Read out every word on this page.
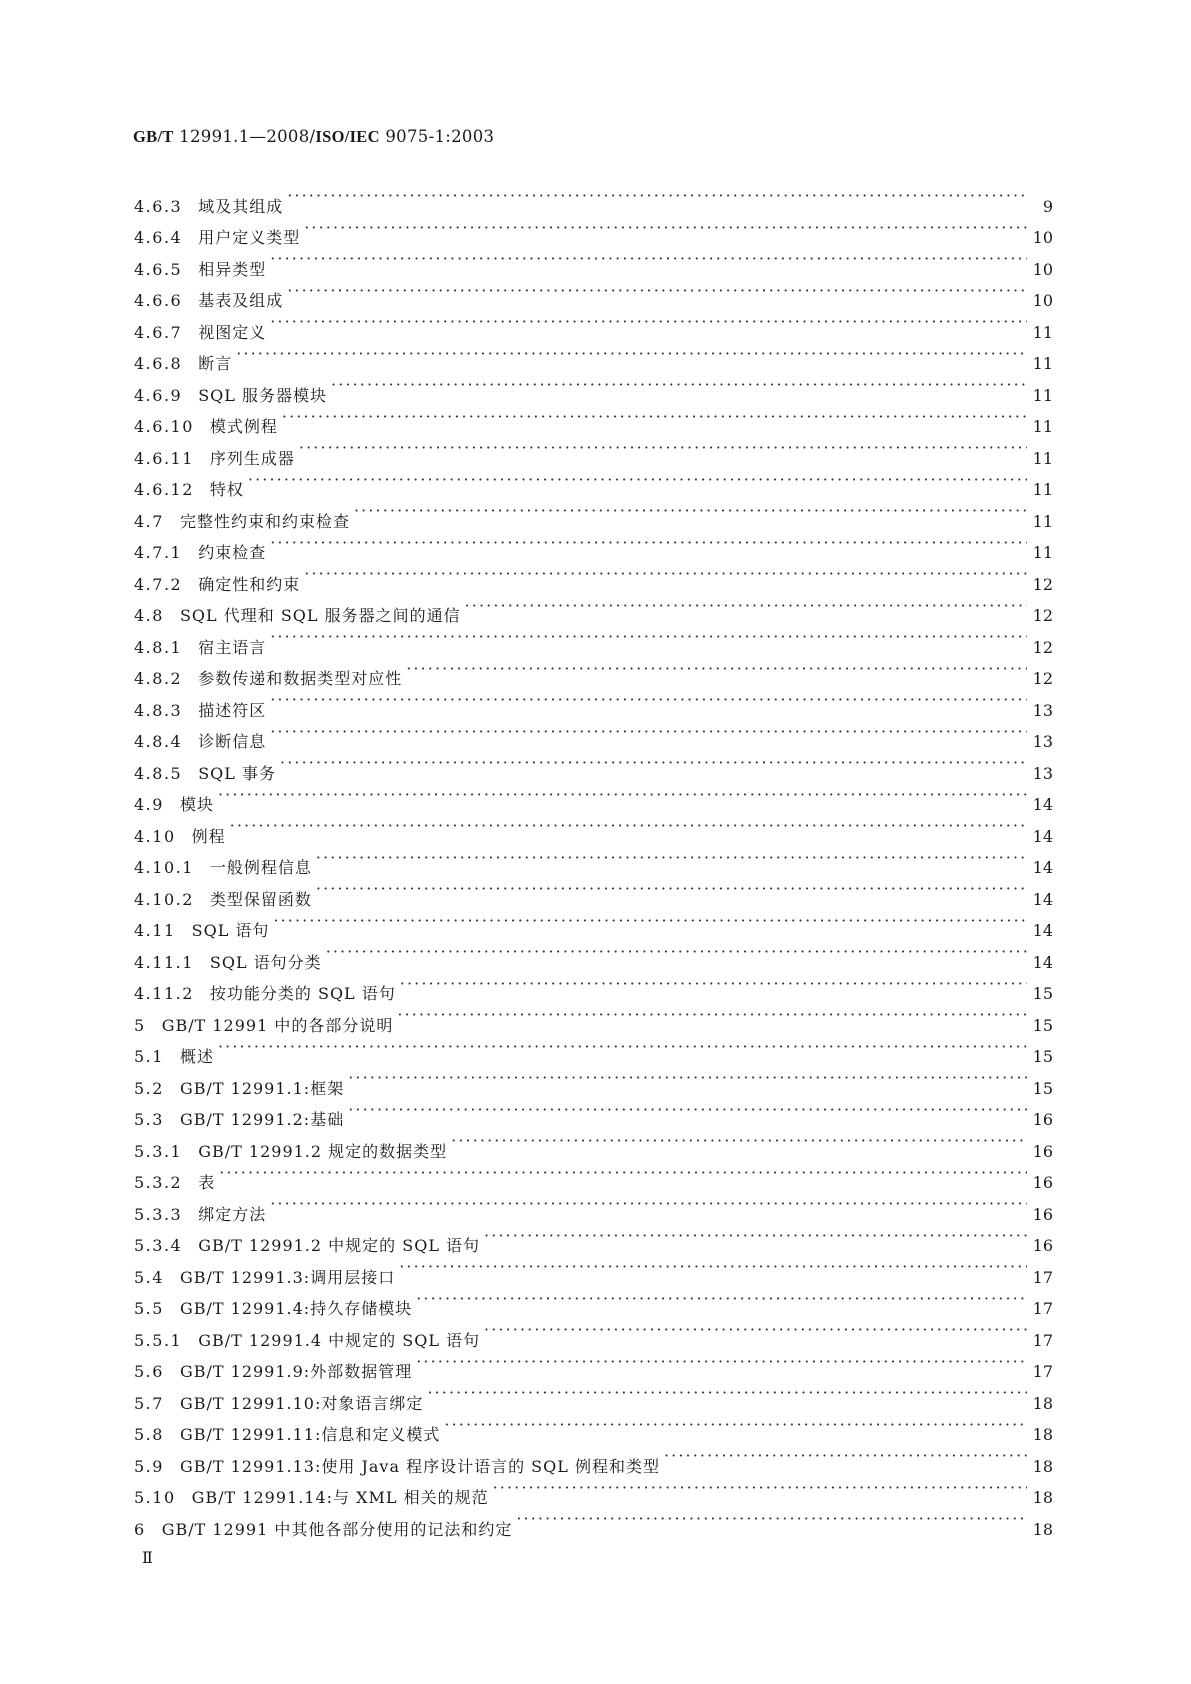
GB/T 12991.1—2008/ISO/IEC 9075-1:2003
4.6.3	域及其组成 ·····	9
4.6.4	用户定义类型 ·····	10
4.6.5	相异类型 ·····	10
4.6.6	基表及组成 ·····	10
4.6.7	视图定义 ·····	11
4.6.8	断言 ·····	11
4.6.9	SQL 服务器模块 ·····	11
4.6.10	模式例程 ·····	11
4.6.11	序列生成器 ·····	11
4.6.12	特权 ·····	11
4.7	完整性约束和约束检查 ·····	11
4.7.1	约束检查 ·····	11
4.7.2	确定性和约束 ·····	12
4.8	SQL 代理和 SQL 服务器之间的通信 ·····	12
4.8.1	宿主语言 ·····	12
4.8.2	参数传递和数据类型对应性 ·····	12
4.8.3	描述符区 ·····	13
4.8.4	诊断信息 ·····	13
4.8.5	SQL 事务 ·····	13
4.9	模块 ·····	14
4.10	例程 ·····	14
4.10.1	一般例程信息 ·····	14
4.10.2	类型保留函数 ·····	14
4.11	SQL 语句 ·····	14
4.11.1	SQL 语句分类 ·····	14
4.11.2	按功能分类的 SQL 语句 ·····	15
5	GB/T 12991 中的各部分说明 ·····	15
5.1	概述 ·····	15
5.2	GB/T 12991.1:框架 ·····	15
5.3	GB/T 12991.2:基础 ·····	16
5.3.1	GB/T 12991.2 规定的数据类型 ·····	16
5.3.2	表 ·····	16
5.3.3	绑定方法 ·····	16
5.3.4	GB/T 12991.2 中规定的 SQL 语句 ·····	16
5.4	GB/T 12991.3:调用层接口 ·····	17
5.5	GB/T 12991.4:持久存储模块 ·····	17
5.5.1	GB/T 12991.4 中规定的 SQL 语句 ·····	17
5.6	GB/T 12991.9:外部数据管理 ·····	17
5.7	GB/T 12991.10:对象语言绑定 ·····	18
5.8	GB/T 12991.11:信息和定义模式 ·····	18
5.9	GB/T 12991.13:使用 Java 程序设计语言的 SQL 例程和类型 ·····	18
5.10	GB/T 12991.14:与 XML 相关的规范 ·····	18
6	GB/T 12991 中其他各部分使用的记法和约定 ·····	18
Ⅱ
